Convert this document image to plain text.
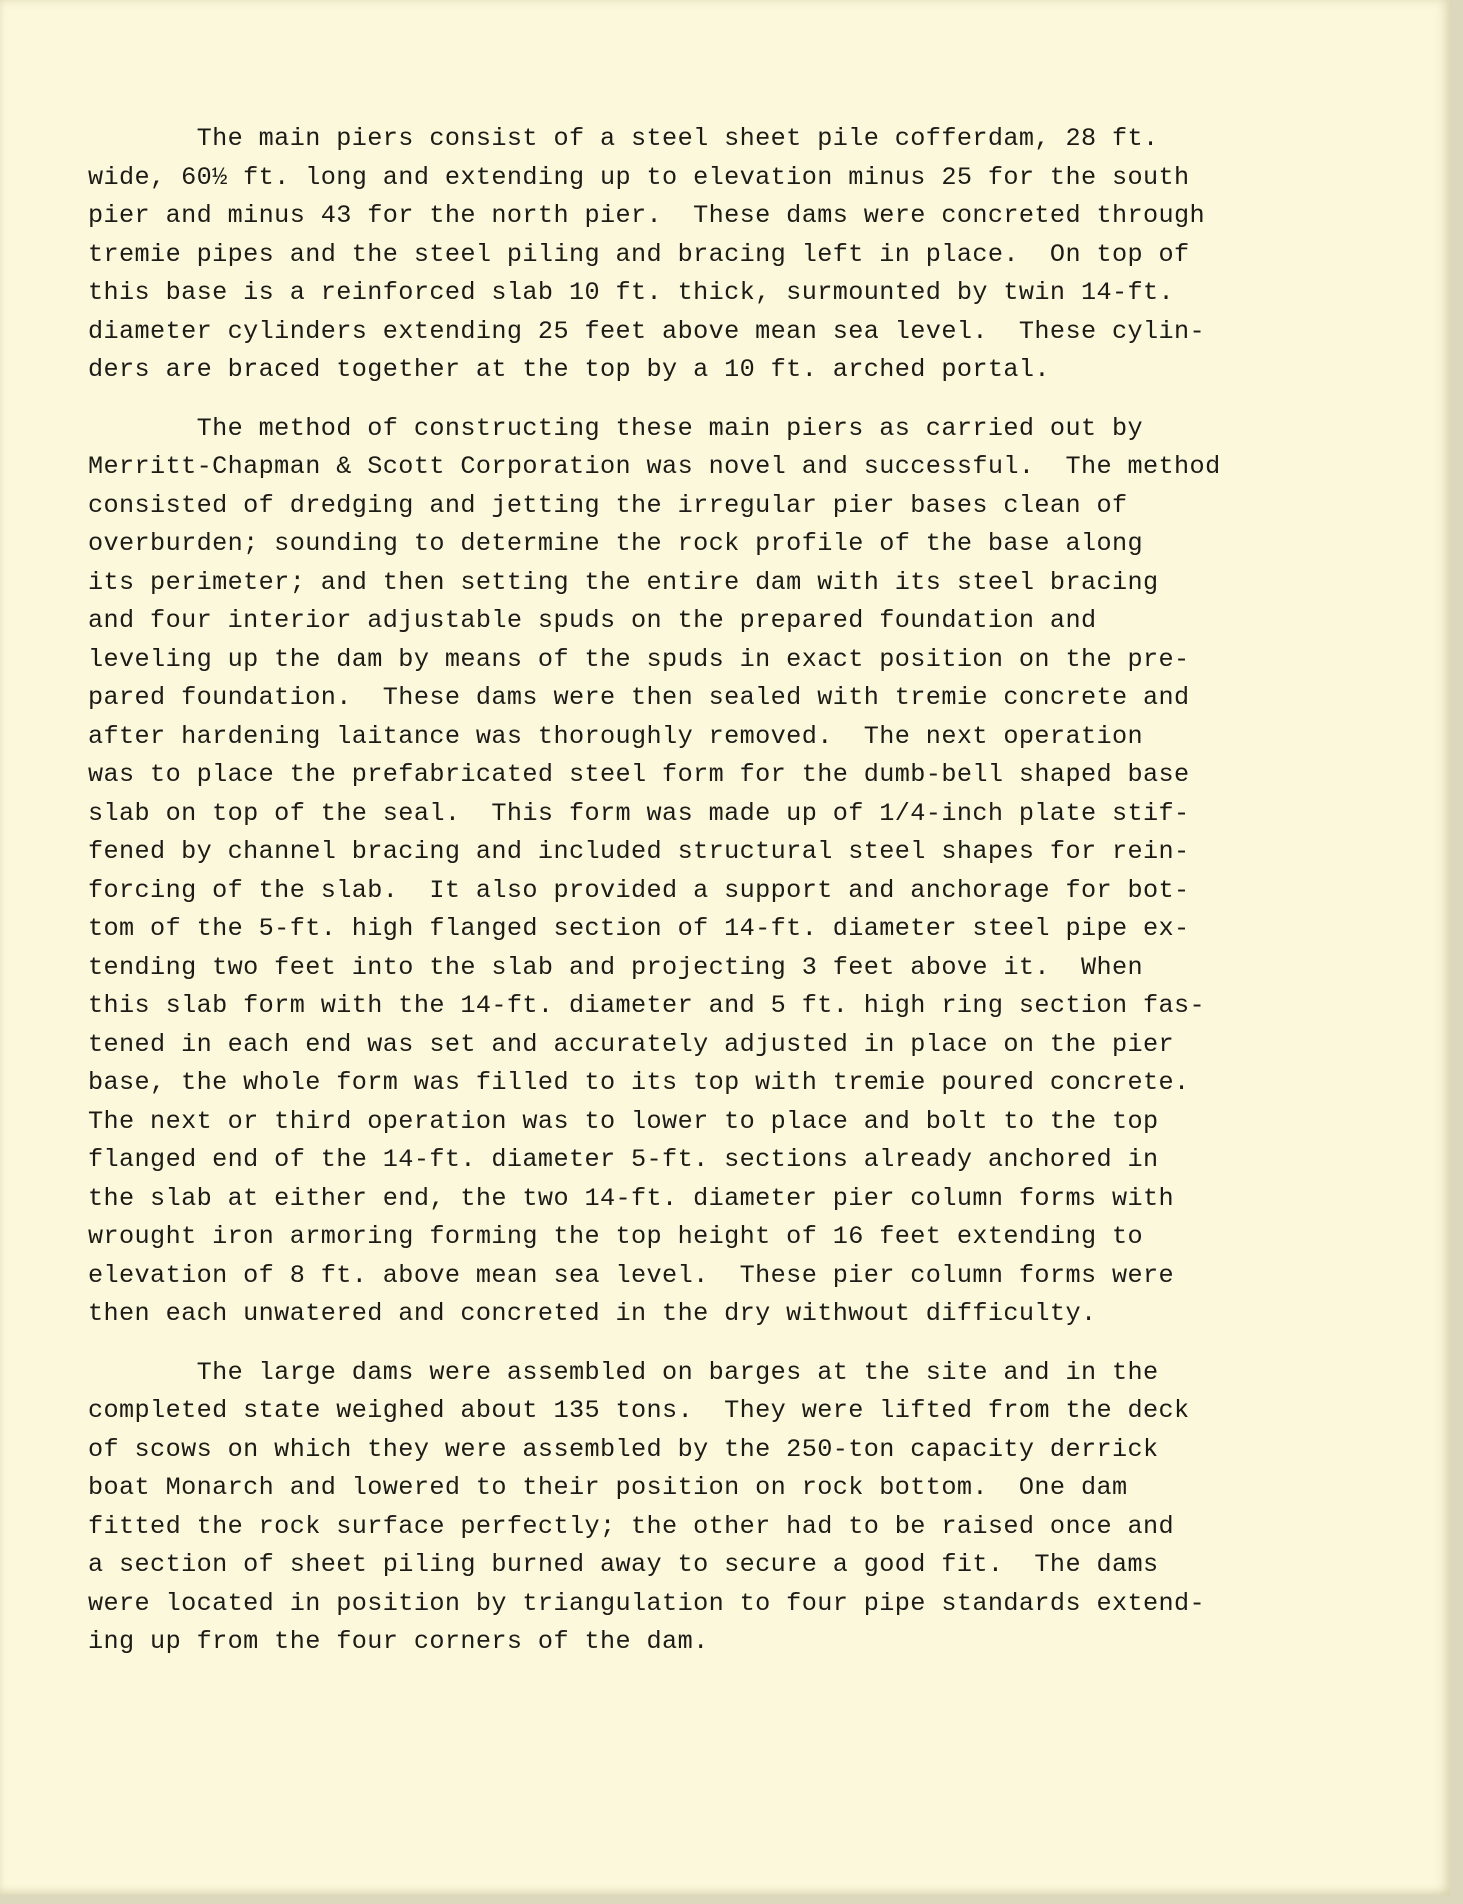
The main piers consist of a steel sheet pile cofferdam, 28 ft.
wide, 60½ ft. long and extending up to elevation minus 25 for the south
pier and minus 43 for the north pier.  These dams were concreted through
tremie pipes and the steel piling and bracing left in place.  On top of
this base is a reinforced slab 10 ft. thick, surmounted by twin 14-ft.
diameter cylinders extending 25 feet above mean sea level.  These cylin-
ders are braced together at the top by a 10 ft. arched portal.
The method of constructing these main piers as carried out by
Merritt-Chapman & Scott Corporation was novel and successful.  The method
consisted of dredging and jetting the irregular pier bases clean of
overburden; sounding to determine the rock profile of the base along
its perimeter; and then setting the entire dam with its steel bracing
and four interior adjustable spuds on the prepared foundation and
leveling up the dam by means of the spuds in exact position on the pre-
pared foundation.  These dams were then sealed with tremie concrete and
after hardening laitance was thoroughly removed.  The next operation
was to place the prefabricated steel form for the dumb-bell shaped base
slab on top of the seal.  This form was made up of 1/4-inch plate stif-
fened by channel bracing and included structural steel shapes for rein-
forcing of the slab.  It also provided a support and anchorage for bot-
tom of the 5-ft. high flanged section of 14-ft. diameter steel pipe ex-
tending two feet into the slab and projecting 3 feet above it.  When
this slab form with the 14-ft. diameter and 5 ft. high ring section fas-
tened in each end was set and accurately adjusted in place on the pier
base, the whole form was filled to its top with tremie poured concrete.
The next or third operation was to lower to place and bolt to the top
flanged end of the 14-ft. diameter 5-ft. sections already anchored in
the slab at either end, the two 14-ft. diameter pier column forms with
wrought iron armoring forming the top height of 16 feet extending to
elevation of 8 ft. above mean sea level.  These pier column forms were
then each unwatered and concreted in the dry withwout difficulty.
The large dams were assembled on barges at the site and in the
completed state weighed about 135 tons.  They were lifted from the deck
of scows on which they were assembled by the 250-ton capacity derrick
boat Monarch and lowered to their position on rock bottom.  One dam
fitted the rock surface perfectly; the other had to be raised once and
a section of sheet piling burned away to secure a good fit.  The dams
were located in position by triangulation to four pipe standards extend-
ing up from the four corners of the dam.
